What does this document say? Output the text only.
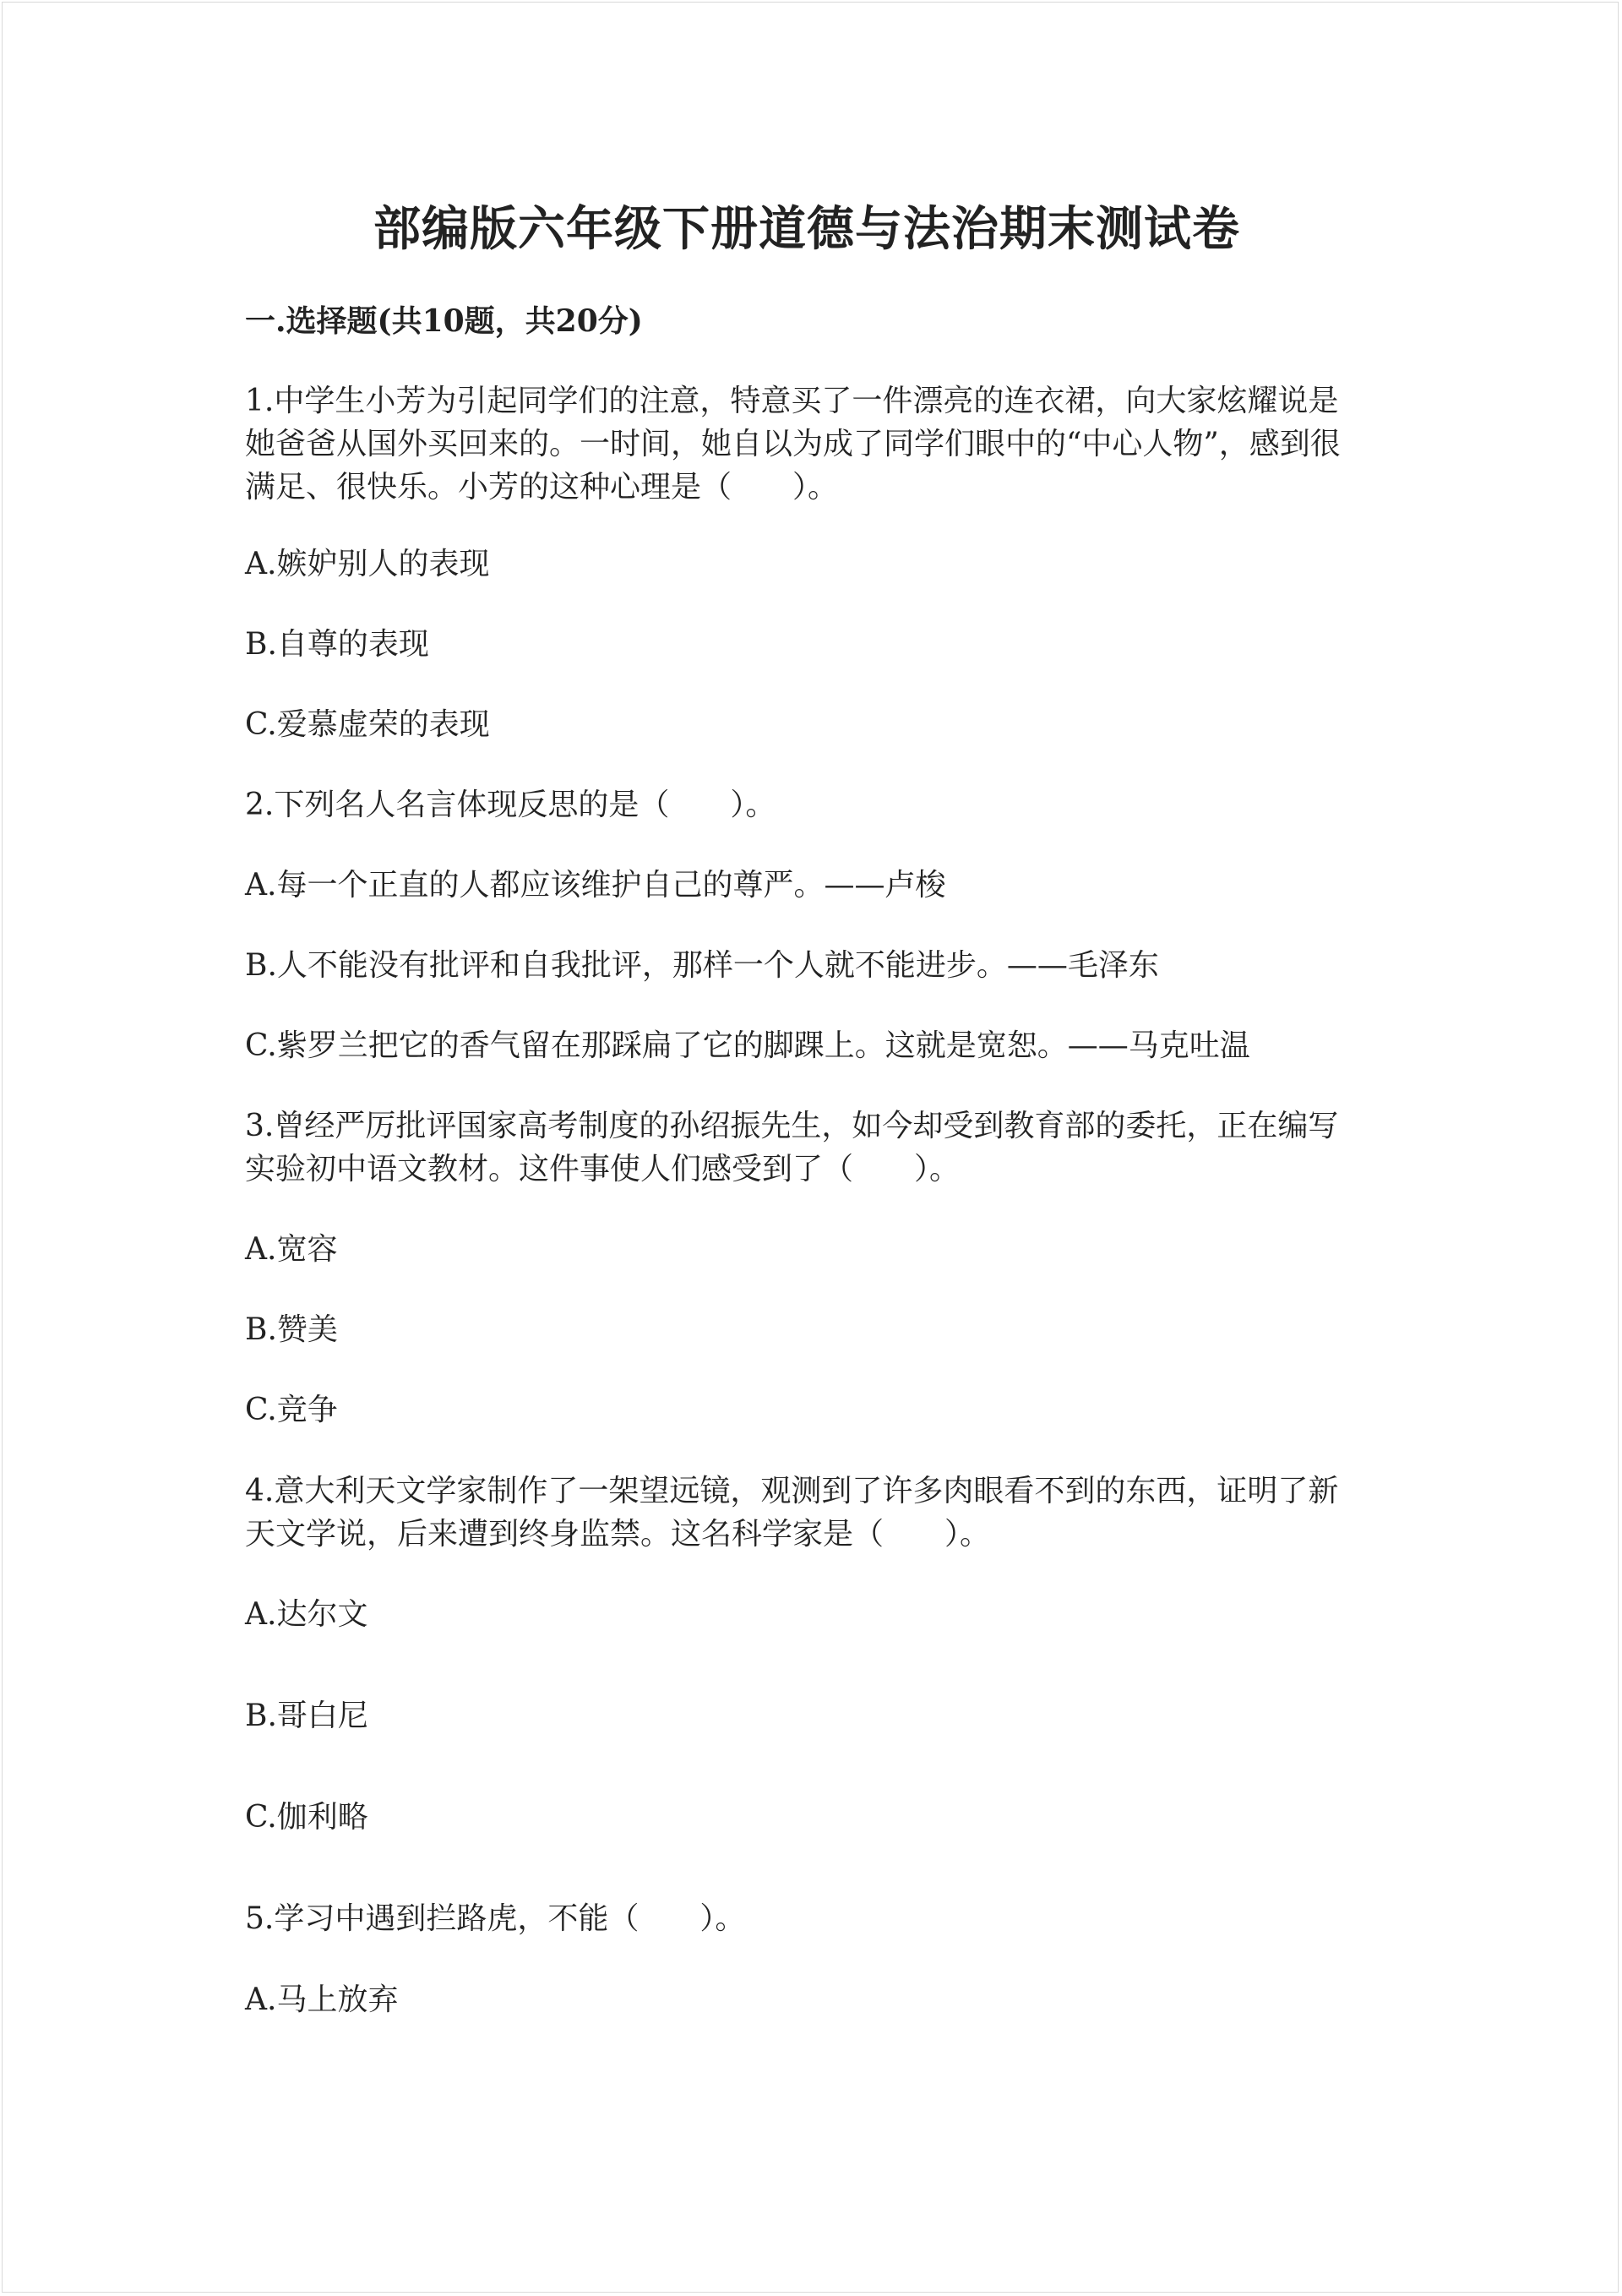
部编版六年级下册道德与法治期末测试卷
一.选择题(共10题，共20分)
1.中学生小芳为引起同学们的注意，特意买了一件漂亮的连衣裙，向大家炫耀说是她爸爸从国外买回来的。一时间，她自以为成了同学们眼中的“中心人物”，感到很满足、很快乐。小芳的这种心理是（　　）。
A.嫉妒别人的表现
B.自尊的表现
C.爱慕虚荣的表现
2.下列名人名言体现反思的是（　　）。
A.每一个正直的人都应该维护自己的尊严。——卢梭
B.人不能没有批评和自我批评，那样一个人就不能进步。——毛泽东
C.紫罗兰把它的香气留在那踩扁了它的脚踝上。这就是宽恕。——马克吐温
3.曾经严厉批评国家高考制度的孙绍振先生，如今却受到教育部的委托，正在编写实验初中语文教材。这件事使人们感受到了（　　）。
A.宽容
B.赞美
C.竞争
4.意大利天文学家制作了一架望远镜，观测到了许多肉眼看不到的东西，证明了新天文学说，后来遭到终身监禁。这名科学家是（　　）。
A.达尔文
B.哥白尼
C.伽利略
5.学习中遇到拦路虎，不能（　　）。
A.马上放弃
